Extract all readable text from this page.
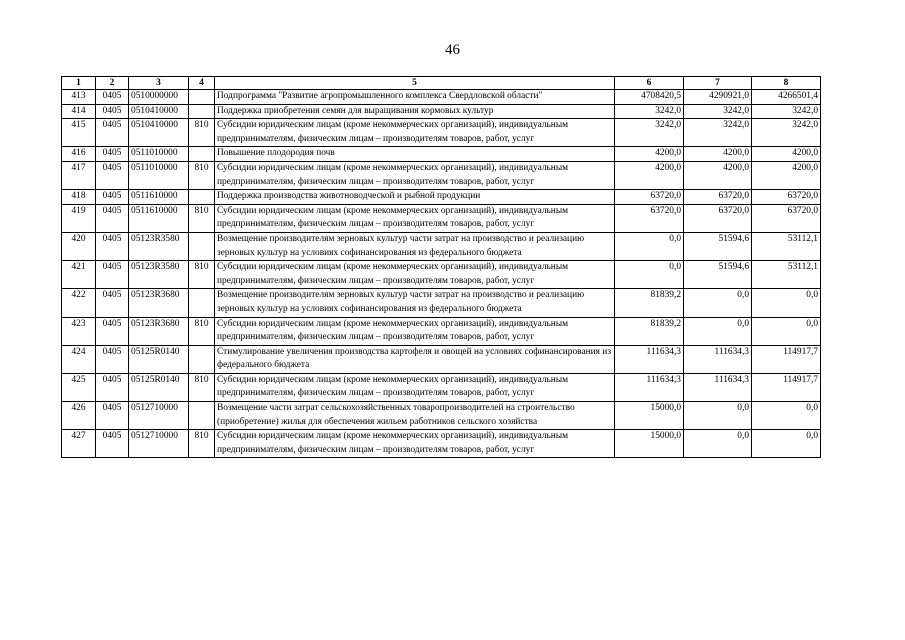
46
1	2	3	4	5	6	7	8
413	0405	0510000000		Подпрограмма "Развитие агропромышленного комплекса Свердловской области"	4708420,5	4290921,0	4266501,4
414	0405	0510410000		Поддержка приобретения семян для выращивания кормовых культур	3242,0	3242,0	3242,0
415	0405	0510410000	810	Субсидии юридическим лицам (кроме некоммерческих организаций), индивидуальным предпринимателям, физическим лицам – производителям товаров, работ, услуг	3242,0	3242,0	3242,0
416	0405	0511010000		Повышение плодородия почв	4200,0	4200,0	4200,0
417	0405	0511010000	810	Субсидии юридическим лицам (кроме некоммерческих организаций), индивидуальным предпринимателям, физическим лицам – производителям товаров, работ, услуг	4200,0	4200,0	4200,0
418	0405	0511610000		Поддержка производства животноводческой и рыбной продукции	63720,0	63720,0	63720,0
419	0405	0511610000	810	Субсидии юридическим лицам (кроме некоммерческих организаций), индивидуальным предпринимателям, физическим лицам – производителям товаров, работ, услуг	63720,0	63720,0	63720,0
420	0405	05123R3580		Возмещение производителям зерновых культур части затрат на производство и реализацию зерновых культур на условиях софинансирования из федерального бюджета	0,0	51594,6	53112,1
421	0405	05123R3580	810	Субсидии юридическим лицам (кроме некоммерческих организаций), индивидуальным предпринимателям, физическим лицам – производителям товаров, работ, услуг	0,0	51594,6	53112,1
422	0405	05123R3680		Возмещение производителям зерновых культур части затрат на производство и реализацию зерновых культур на условиях софинансирования из федерального бюджета	81839,2	0,0	0,0
423	0405	05123R3680	810	Субсидии юридическим лицам (кроме некоммерческих организаций), индивидуальным предпринимателям, физическим лицам – производителям товаров, работ, услуг	81839,2	0,0	0,0
424	0405	05125R0140		Стимулирование увеличения производства картофеля и овощей на условиях софинансирования из федерального бюджета	111634,3	111634,3	114917,7
425	0405	05125R0140	810	Субсидии юридическим лицам (кроме некоммерческих организаций), индивидуальным предпринимателям, физическим лицам – производителям товаров, работ, услуг	111634,3	111634,3	114917,7
426	0405	0512710000		Возмещение части затрат сельскохозяйственных товаропроизводителей на строительство (приобретение) жилья для обеспечения жильем работников сельского хозяйства	15000,0	0,0	0,0
427	0405	0512710000	810	Субсидии юридическим лицам (кроме некоммерческих организаций), индивидуальным предпринимателям, физическим лицам – производителям товаров, работ, услуг	15000,0	0,0	0,0
